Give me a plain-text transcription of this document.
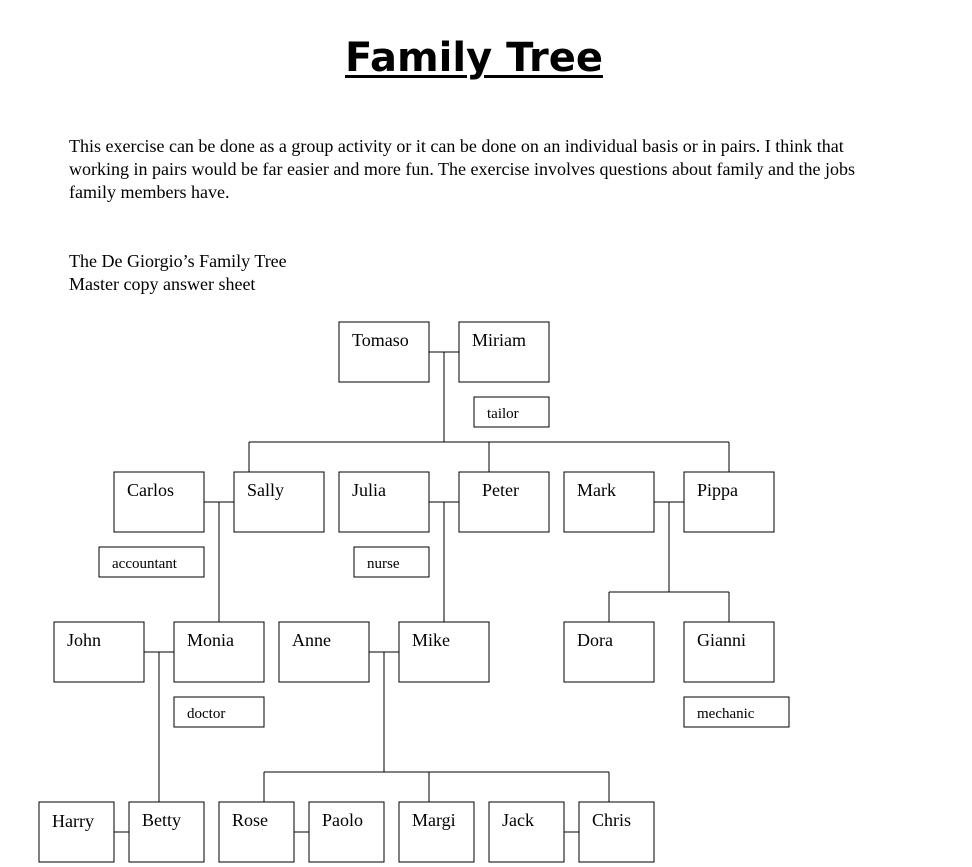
Family Tree

This exercise can be done as a group activity or it can be done on an individual basis or in pairs. I think that working in pairs would be far easier and more fun. The exercise involves questions about family and the jobs family members have.

The De Giorgio’s Family Tree

Master copy answer sheet

Tomaso	Miriam
tailor
Carlos	Sally	Julia	Peter	Mark	Pippa
accountant	nurse
John	Monia	Anne	Mike	Dora	Gianni
doctor	mechanic
Harry	Betty	Rose	Paolo	Margi	Jack	Chris
